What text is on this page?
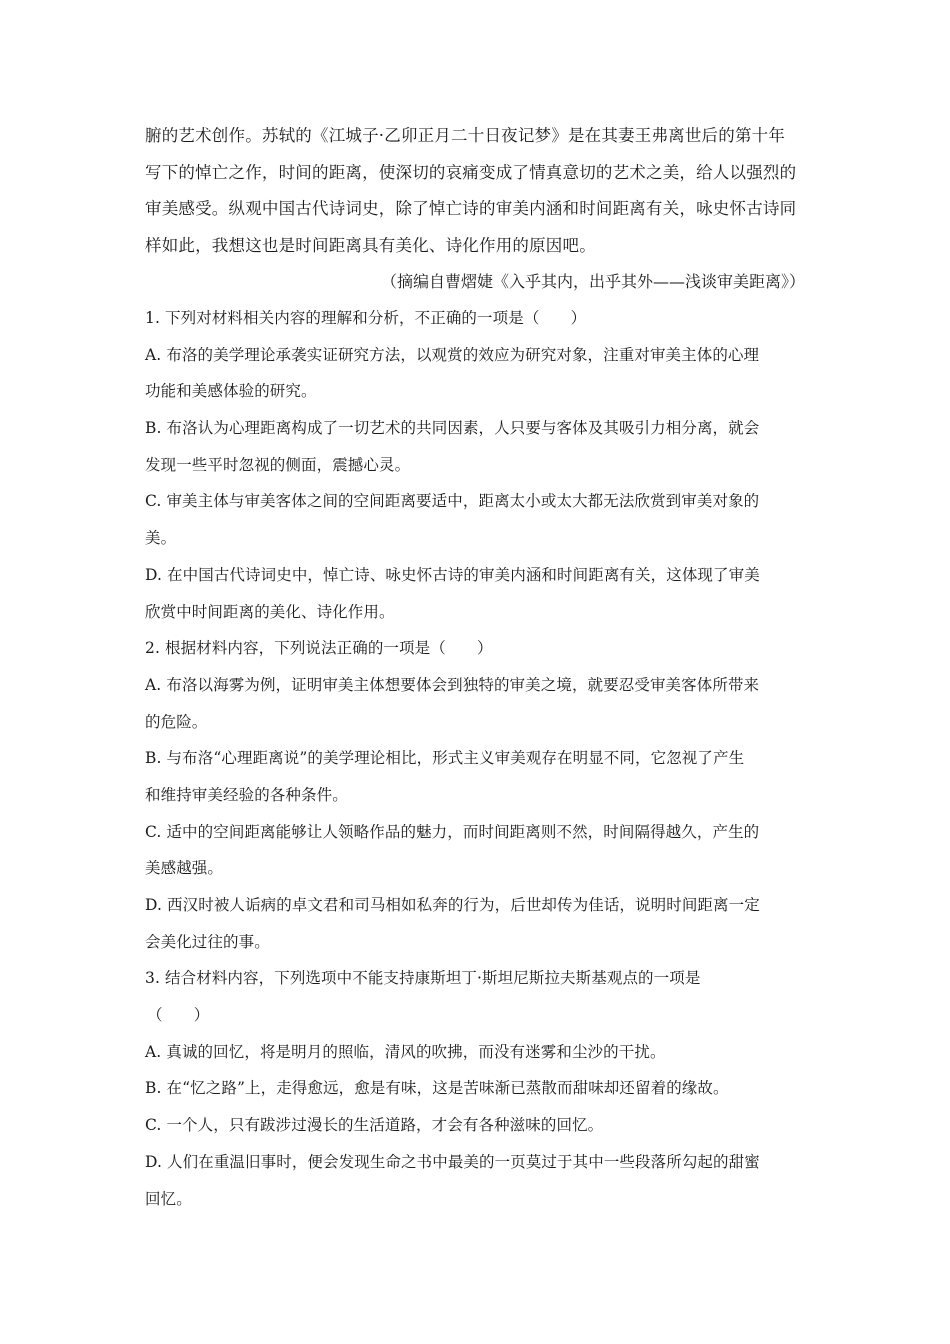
腑的艺术创作。苏轼的《江城子·乙卯正月二十日夜记梦》是在其妻王弗离世后的第十年
写下的悼亡之作，时间的距离，使深切的哀痛变成了情真意切的艺术之美，给人以强烈的
审美感受。纵观中国古代诗词史，除了悼亡诗的审美内涵和时间距离有关，咏史怀古诗同
样如此，我想这也是时间距离具有美化、诗化作用的原因吧。
（摘编自曹熠婕《入乎其内，出乎其外——浅谈审美距离》）
1. 下列对材料相关内容的理解和分析，不正确的一项是（　　）
A. 布洛的美学理论承袭实证研究方法，以观赏的效应为研究对象，注重对审美主体的心理
功能和美感体验的研究。
B. 布洛认为心理距离构成了一切艺术的共同因素，人只要与客体及其吸引力相分离，就会
发现一些平时忽视的侧面，震撼心灵。
C. 审美主体与审美客体之间的空间距离要适中，距离太小或太大都无法欣赏到审美对象的
美。
D. 在中国古代诗词史中，悼亡诗、咏史怀古诗的审美内涵和时间距离有关，这体现了审美
欣赏中时间距离的美化、诗化作用。
2. 根据材料内容，下列说法正确的一项是（　　）
A. 布洛以海雾为例，证明审美主体想要体会到独特的审美之境，就要忍受审美客体所带来
的危险。
B. 与布洛“心理距离说”的美学理论相比，形式主义审美观存在明显不同，它忽视了产生
和维持审美经验的各种条件。
C. 适中的空间距离能够让人领略作品的魅力，而时间距离则不然，时间隔得越久，产生的
美感越强。
D. 西汉时被人诟病的卓文君和司马相如私奔的行为，后世却传为佳话，说明时间距离一定
会美化过往的事。
3. 结合材料内容，下列选项中不能支持康斯坦丁·斯坦尼斯拉夫斯基观点的一项是
（　　）
A. 真诚的回忆，将是明月的照临，清风的吹拂，而没有迷雾和尘沙的干扰。
B. 在“忆之路”上，走得愈远，愈是有味，这是苦味渐已蒸散而甜味却还留着的缘故。
C. 一个人，只有跋涉过漫长的生活道路，才会有各种滋味的回忆。
D. 人们在重温旧事时，便会发现生命之书中最美的一页莫过于其中一些段落所勾起的甜蜜
回忆。
